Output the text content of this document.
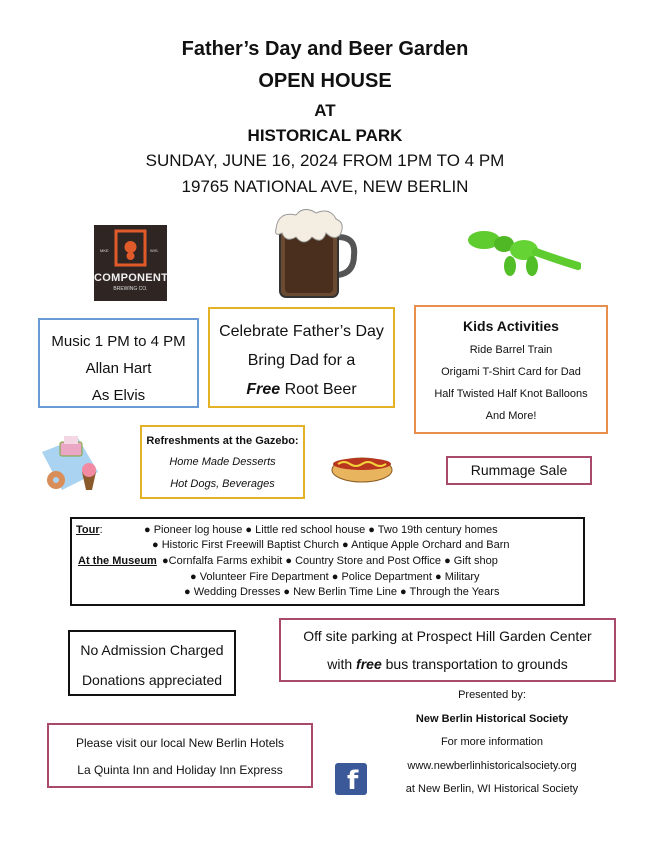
Father’s Day and Beer Garden
OPEN HOUSE
AT
HISTORICAL PARK
SUNDAY, JUNE 16, 2024 FROM 1PM TO 4 PM
19765 NATIONAL AVE, NEW BERLIN
MKE	WIS.
COMPONENT
BREWING CO.
Music 1 PM to 4 PM
Allan Hart
As Elvis
Celebrate Father’s Day
Bring Dad for a
Free Root Beer
Kids Activities
Ride Barrel Train
Origami T-Shirt Card for Dad
Half Twisted Half Knot Balloons
And More!
Refreshments at the Gazebo:
Home Made Desserts
Hot Dogs, Beverages
Rummage Sale
Tour:	● Pioneer log house ● Little red school house ● Two 19th century homes
● Historic First Freewill Baptist Church ● Antique Apple Orchard and Barn
At the Museum ●Cornfalfa Farms exhibit ● Country Store and Post Office ● Gift shop
● Volunteer Fire Department ● Police Department ● Military
● Wedding Dresses ● New Berlin Time Line ● Through the Years
No Admission Charged
Donations appreciated
Off site parking at Prospect Hill Garden Center
with free bus transportation to grounds
Please visit our local New Berlin Hotels
La Quinta Inn and Holiday Inn Express
Presented by:
New Berlin Historical Society
For more information
www.newberlinhistoricalsociety.org
at New Berlin, WI Historical Society
f
